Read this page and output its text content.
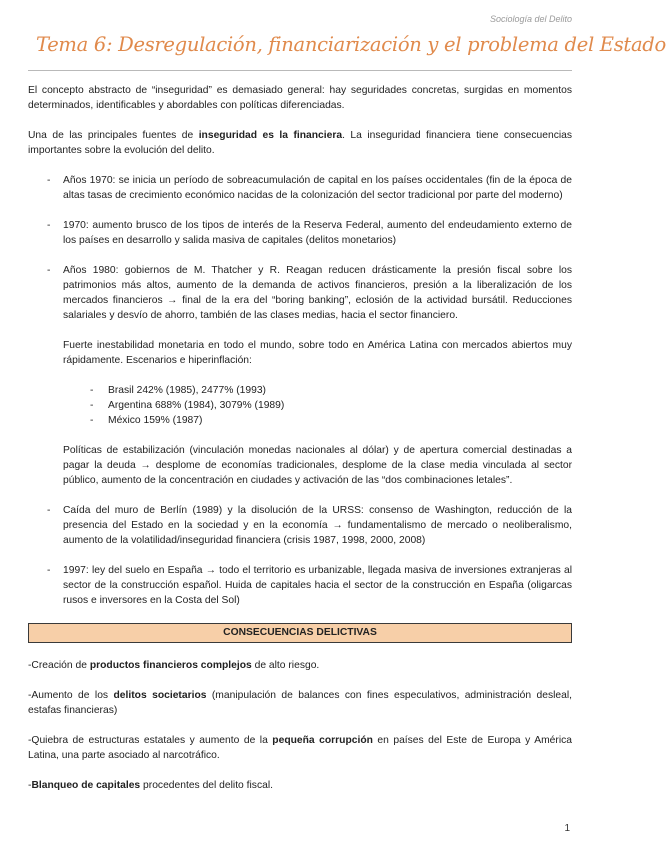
Sociología del Delito
Tema 6: Desregulación, financiarización y el problema del Estado

El concepto abstracto de “inseguridad” es demasiado general: hay seguridades concretas, surgidas en momentos determinados, identificables y abordables con políticas diferenciadas.

Una de las principales fuentes de inseguridad es la financiera. La inseguridad financiera tiene consecuencias importantes sobre la evolución del delito.

- Años 1970: se inicia un período de sobreacumulación de capital en los países occidentales (fin de la época de altas tasas de crecimiento económico nacidas de la colonización del sector tradicional por parte del moderno)
- 1970: aumento brusco de los tipos de interés de la Reserva Federal, aumento del endeudamiento externo de los países en desarrollo y salida masiva de capitales (delitos monetarios)
- Años 1980: gobiernos de M. Thatcher y R. Reagan reducen drásticamente la presión fiscal sobre los patrimonios más altos, aumento de la demanda de activos financieros, presión a la liberalización de los mercados financieros → final de la era del “boring banking”, eclosión de la actividad bursátil. Reducciones salariales y desvío de ahorro, también de las clases medias, hacia el sector financiero.

Fuerte inestabilidad monetaria en todo el mundo, sobre todo en América Latina con mercados abiertos muy rápidamente. Escenarios e hiperinflación:

- Brasil 242% (1985), 2477% (1993)
- Argentina 688% (1984), 3079% (1989)
- México 159% (1987)

Políticas de estabilización (vinculación monedas nacionales al dólar) y de apertura comercial destinadas a pagar la deuda → desplome de economías tradicionales, desplome de la clase media vinculada al sector público, aumento de la concentración en ciudades y activación de las “dos combinaciones letales”.

- Caída del muro de Berlín (1989) y la disolución de la URSS: consenso de Washington, reducción de la presencia del Estado en la sociedad y en la economía → fundamentalismo de mercado o neoliberalismo, aumento de la volatilidad/inseguridad financiera (crisis 1987, 1998, 2000, 2008)
- 1997: ley del suelo en España → todo el territorio es urbanizable, llegada masiva de inversiones extranjeras al sector de la construcción español. Huida de capitales hacia el sector de la construcción en España (oligarcas rusos e inversores en la Costa del Sol)
CONSECUENCIAS DELICTIVAS

-Creación de productos financieros complejos de alto riesgo.

-Aumento de los delitos societarios (manipulación de balances con fines especulativos, administración desleal, estafas financieras)

-Quiebra de estructuras estatales y aumento de la pequeña corrupción en países del Este de Europa y América Latina, una parte asociado al narcotráfico.

-Blanqueo de capitales procedentes del delito fiscal.

1
